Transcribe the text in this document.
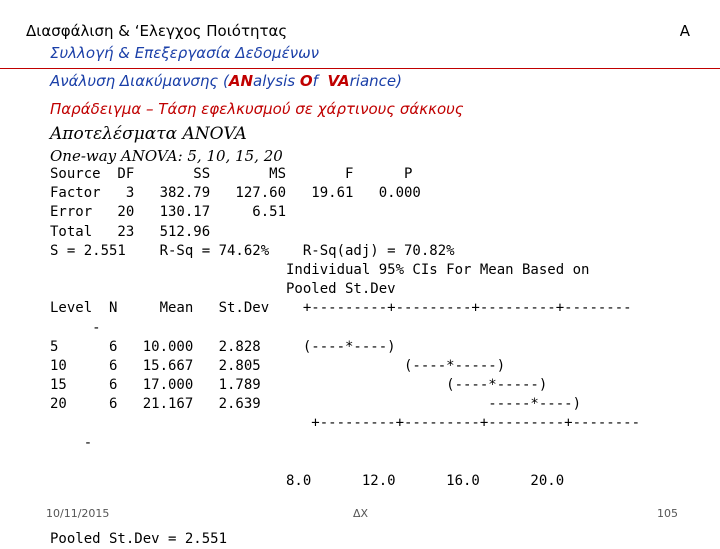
Διασφάλιση & ‘Ελεγχος Ποιότητας	A
Συλλογή & Επεξεργασία Δεδομένων
Ανάλυση Διακύμανσης (ANalysis Of  VAriance)
Παράδειγμα – Τάση εφελκυσμού σε χάρτινους σάκκους
Αποτελέσματα ANOVA
One-way ANOVA: 5, 10, 15, 20
Source  DF       SS       MS       F      P
Factor   3   382.79   127.60   19.61   0.000
Error   20   130.17     6.51
Total   23   512.96
S = 2.551    R-Sq = 74.62%    R-Sq(adj) = 70.82%
Individual 95% CIs For Mean Based on
Pooled St.Dev
Level  N     Mean   St.Dev    +---------+---------+---------+--------
-
5      6   10.000   2.828     (----*----)
10     6   15.667   2.805                 (----*-----)
15     6   17.000   1.789                      (----*-----)
20     6   21.167   2.639                           -----*----)
+---------+---------+---------+--------
-
8.0      12.0      16.0      20.0
Pooled St.Dev = 2.551
10/11/2015	ΔΧ	105
